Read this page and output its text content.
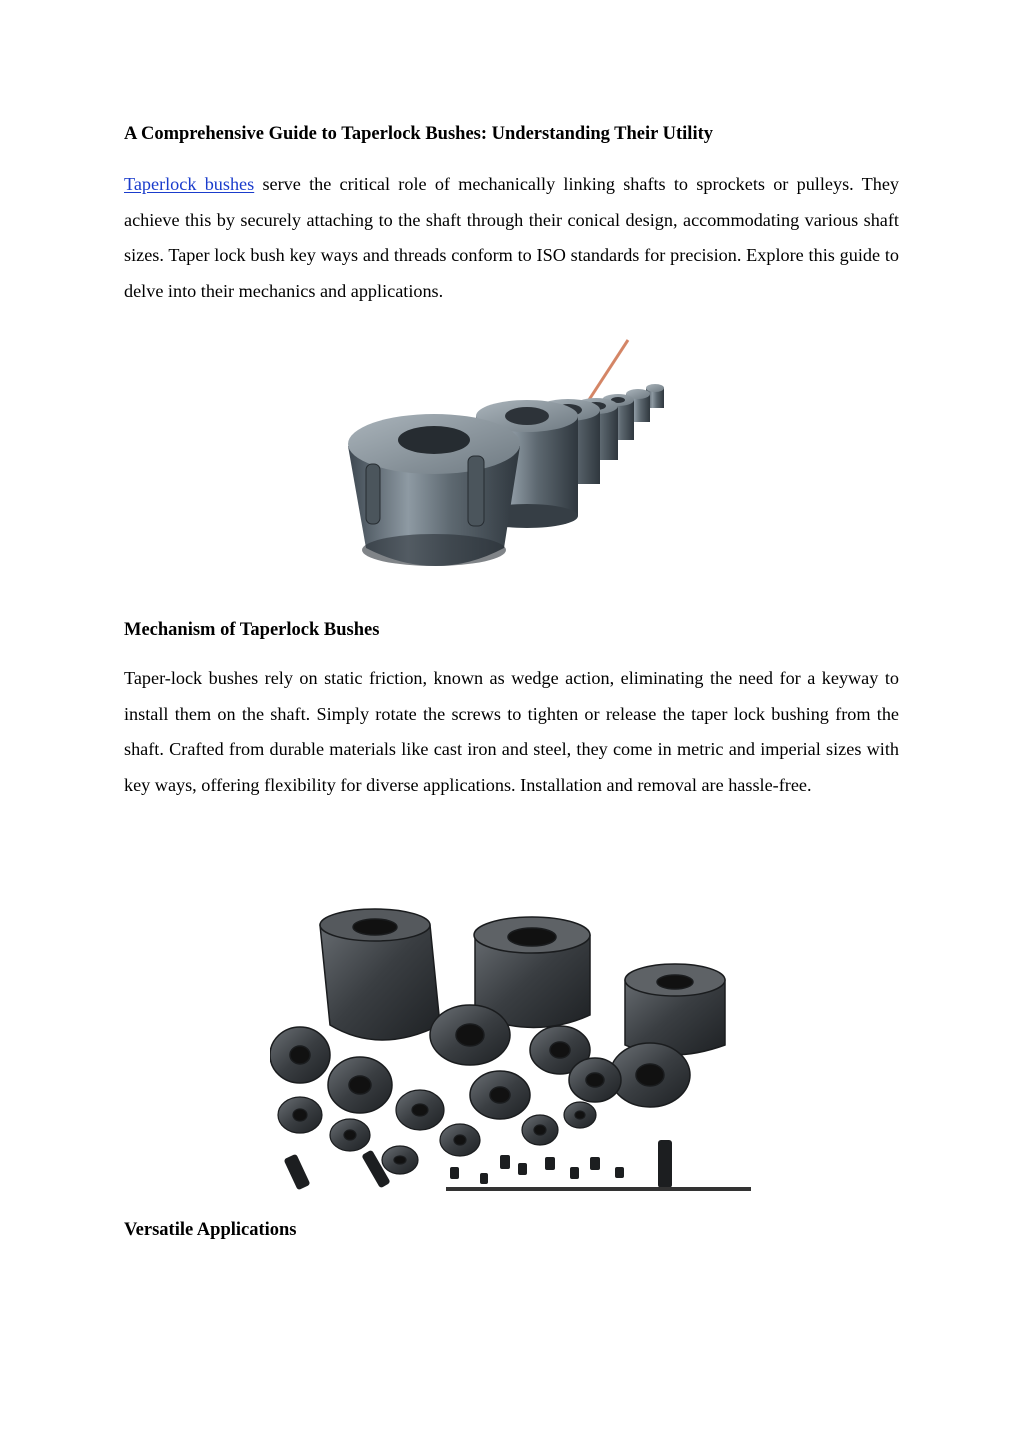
A Comprehensive Guide to Taperlock Bushes: Understanding Their Utility

Taperlock bushes serve the critical role of mechanically linking shafts to sprockets or pulleys. They achieve this by securely attaching to the shaft through their conical design, accommodating various shaft sizes. Taper lock bush key ways and threads conform to ISO standards for precision. Explore this guide to delve into their mechanics and applications.

Mechanism of Taperlock Bushes

Taper-lock bushes rely on static friction, known as wedge action, eliminating the need for a keyway to install them on the shaft. Simply rotate the screws to tighten or release the taper lock bushing from the shaft. Crafted from durable materials like cast iron and steel, they come in metric and imperial sizes with key ways, offering flexibility for diverse applications. Installation and removal are hassle-free.

Versatile Applications
